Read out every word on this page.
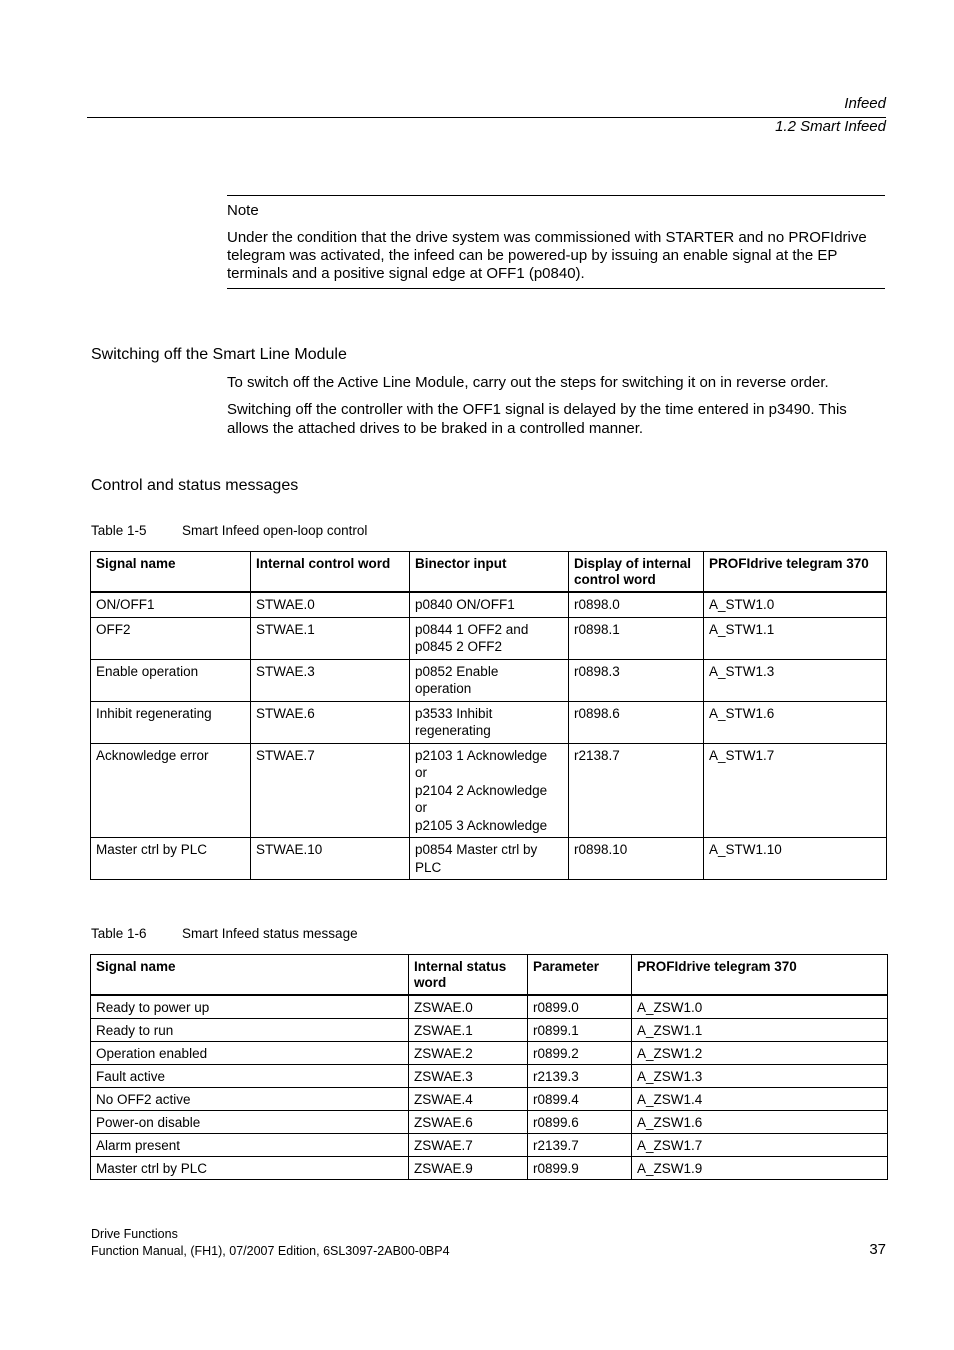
Infeed
1.2 Smart Infeed
Note
Under the condition that the drive system was commissioned with STARTER and no PROFIdrive telegram was activated, the infeed can be powered-up by issuing an enable signal at the EP terminals and a positive signal edge at OFF1 (p0840).
Switching off the Smart Line Module
To switch off the Active Line Module, carry out the steps for switching it on in reverse order.
Switching off the controller with the OFF1 signal is delayed by the time entered in p3490. This allows the attached drives to be braked in a controlled manner.
Control and status messages
Table 1-5	Smart Infeed open-loop control
Signal name	Internal control word	Binector input	Display of internal control word	PROFIdrive telegram 370
ON/OFF1	STWAE.0	p0840 ON/OFF1	r0898.0	A_STW1.0
OFF2	STWAE.1	p0844 1 OFF2 and
p0845 2 OFF2	r0898.1	A_STW1.1
Enable operation	STWAE.3	p0852 Enable
operation	r0898.3	A_STW1.3
Inhibit regenerating	STWAE.6	p3533 Inhibit
regenerating	r0898.6	A_STW1.6
Acknowledge error	STWAE.7	p2103 1 Acknowledge
or
p2104 2 Acknowledge
or
p2105 3 Acknowledge	r2138.7	A_STW1.7
Master ctrl by PLC	STWAE.10	p0854 Master ctrl by
PLC	r0898.10	A_STW1.10
Table 1-6	Smart Infeed status message
Signal name	Internal status word	Parameter	PROFIdrive telegram 370
Ready to power up	ZSWAE.0	r0899.0	A_ZSW1.0
Ready to run	ZSWAE.1	r0899.1	A_ZSW1.1
Operation enabled	ZSWAE.2	r0899.2	A_ZSW1.2
Fault active	ZSWAE.3	r2139.3	A_ZSW1.3
No OFF2 active	ZSWAE.4	r0899.4	A_ZSW1.4
Power-on disable	ZSWAE.6	r0899.6	A_ZSW1.6
Alarm present	ZSWAE.7	r2139.7	A_ZSW1.7
Master ctrl by PLC	ZSWAE.9	r0899.9	A_ZSW1.9
Drive Functions
Function Manual, (FH1), 07/2007 Edition, 6SL3097-2AB00-0BP4	37
